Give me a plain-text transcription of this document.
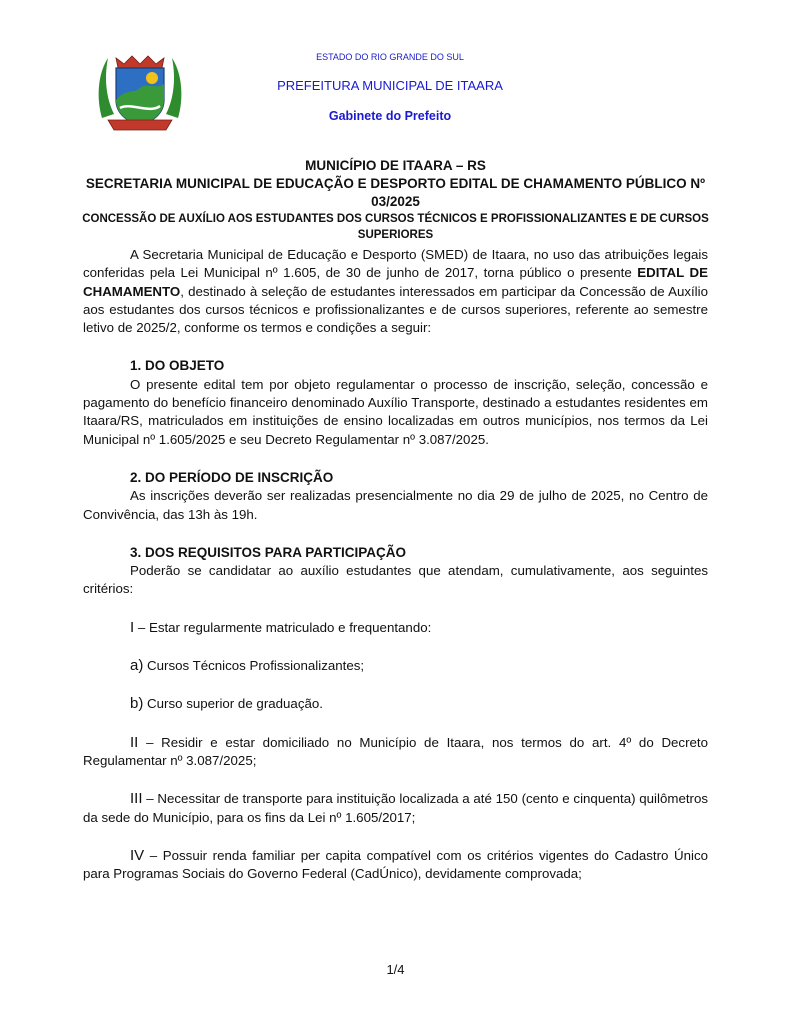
ESTADO DO RIO GRANDE DO SUL
PREFEITURA MUNICIPAL DE ITAARA
Gabinete do Prefeito
MUNICÍPIO DE ITAARA – RS
SECRETARIA MUNICIPAL DE EDUCAÇÃO E DESPORTO EDITAL DE CHAMAMENTO PÚBLICO Nº 03/2025
CONCESSÃO DE AUXÍLIO AOS ESTUDANTES DOS CURSOS TÉCNICOS E PROFISSIONALIZANTES E DE CURSOS SUPERIORES

A Secretaria Municipal de Educação e Desporto (SMED) de Itaara, no uso das atribuições legais conferidas pela Lei Municipal nº 1.605, de 30 de junho de 2017, torna público o presente EDITAL DE CHAMAMENTO, destinado à seleção de estudantes interessados em participar da Concessão de Auxílio aos estudantes dos cursos técnicos e profissionalizantes e de cursos superiores, referente ao semestre letivo de 2025/2, conforme os termos e condições a seguir:

1. DO OBJETO

O presente edital tem por objeto regulamentar o processo de inscrição, seleção, concessão e pagamento do benefício financeiro denominado Auxílio Transporte, destinado a estudantes residentes em Itaara/RS, matriculados em instituições de ensino localizadas em outros municípios, nos termos da Lei Municipal nº 1.605/2025 e seu Decreto Regulamentar nº 3.087/2025.

2. DO PERÍODO DE INSCRIÇÃO

As inscrições deverão ser realizadas presencialmente no dia 29 de julho de 2025, no Centro de Convivência, das 13h às 19h.

3. DOS REQUISITOS PARA PARTICIPAÇÃO

Poderão se candidatar ao auxílio estudantes que atendam, cumulativamente, aos seguintes critérios:

I – Estar regularmente matriculado e frequentando:

a) Cursos Técnicos Profissionalizantes;

b) Curso superior de graduação.

II – Residir e estar domiciliado no Município de Itaara, nos termos do art. 4º do Decreto Regulamentar nº 3.087/2025;

III – Necessitar de transporte para instituição localizada a até 150 (cento e cinquenta) quilômetros da sede do Município, para os fins da Lei nº 1.605/2017;

IV – Possuir renda familiar per capita compatível com os critérios vigentes do Cadastro Único para Programas Sociais do Governo Federal (CadÚnico), devidamente comprovada;

1/4
